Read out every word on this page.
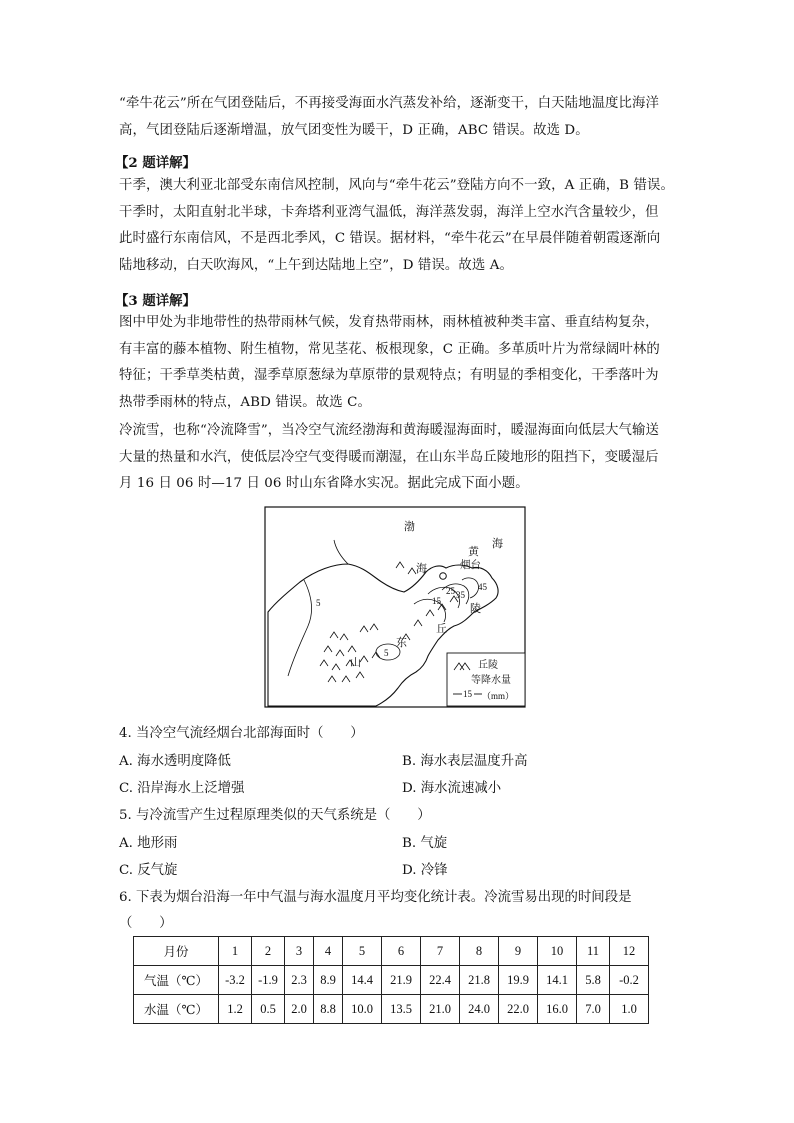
“牵牛花云”所在气团登陆后，不再接受海面水汽蒸发补给，逐渐变干，白天陆地温度比海洋
高，气团登陆后逐渐增温，放气团变性为暖干，D 正确，ABC 错误。故选 D。
【2 题详解】
干季，澳大利亚北部受东南信风控制，风向与“牵牛花云”登陆方向不一致，A 正确，B 错误。
干季时，太阳直射北半球，卡奔塔利亚湾气温低，海洋蒸发弱，海洋上空水汽含量较少，但
此时盛行东南信风，不是西北季风，C 错误。据材料，“牵牛花云”在早晨伴随着朝霞逐渐向
陆地移动，白天吹海风，“上午到达陆地上空”，D 错误。故选 A。
【3 题详解】
图中甲处为非地带性的热带雨林气候，发育热带雨林，雨林植被种类丰富、垂直结构复杂，
有丰富的藤本植物、附生植物，常见茎花、板根现象，C 正确。多革质叶片为常绿阔叶林的
特征；干季草类枯黄，湿季草原葱绿为草原带的景观特点；有明显的季相变化，干季落叶为
热带季雨林的特点，ABD 错误。故选 C。
冷流雪，也称“冷流降雪”，当冷空气流经渤海和黄海暖湿海面时，暖湿海面向低层大气输送
大量的热量和水汽，使低层冷空气变得暖而潮湿，在山东半岛丘陵地形的阻挡下，变暖湿后
月 16 日 06 时—17 日 06 时山东省降水实况。据此完成下面小题。
渤
海
黄
海
烟台
丘
陵
东
山
5
5
15
25 35
45
丘陵
等降水量
15 （mm）
4. 当冷空气流经烟台北部海面时（　　）
A. 海水透明度降低	B. 海水表层温度升高
C. 沿岸海水上泛增强	D. 海水流速减小
5. 与冷流雪产生过程原理类似的天气系统是（　　）
A. 地形雨	B. 气旋
C. 反气旋	D. 冷锋
6. 下表为烟台沿海一年中气温与海水温度月平均变化统计表。冷流雪易出现的时间段是
（　　）
月份	1	2	3	4	5	6	7	8	9	10	11	12
气温（℃）	-3.2	-1.9	2.3	8.9	14.4	21.9	22.4	21.8	19.9	14.1	5.8	-0.2
水温（℃）	1.2	0.5	2.0	8.8	10.0	13.5	21.0	24.0	22.0	16.0	7.0	1.0
